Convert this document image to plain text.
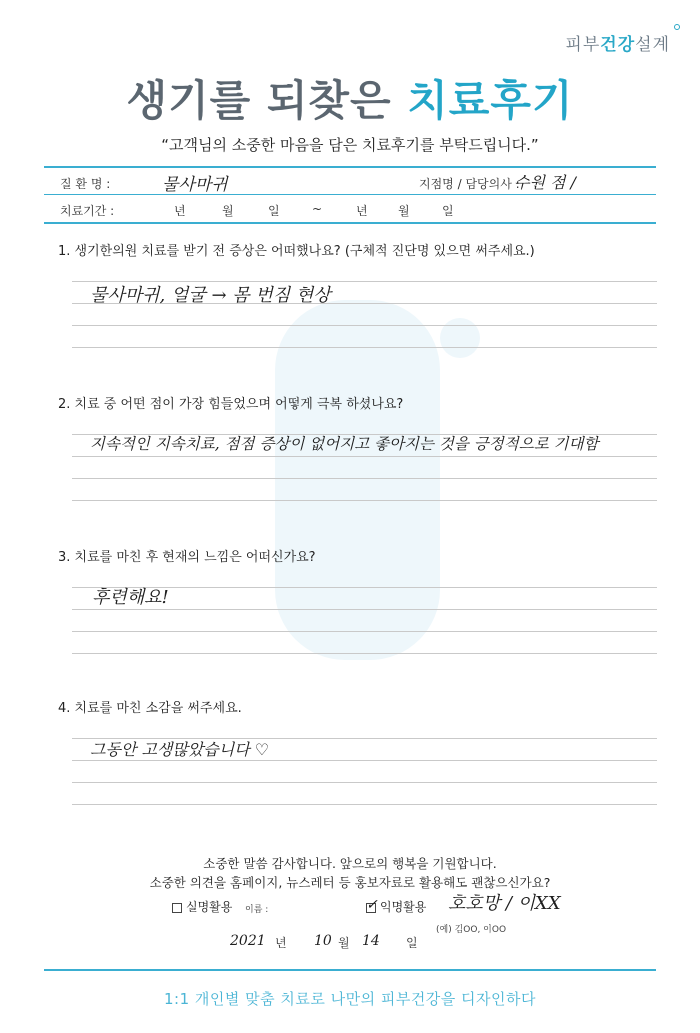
피부건강설계
생기를 되찾은 치료후기
“고객님의 소중한 마음을 담은 치료후기를 부탁드립니다.”
질 환 명 :	물사마귀	지점명 / 담당의사 :
수원 점 /
치료기간 :	년	월	일	~	년	월	일
1. 생기한의원 치료를 받기 전 증상은 어떠했나요? (구체적 진단명 있으면 써주세요.)
물사마귀, 얼굴 → 몸 번짐 현상
2. 치료 중 어떤 점이 가장 힘들었으며 어떻게 극복 하셨나요?
지속적인 지속치료, 점점 증상이 없어지고 좋아지는 것을 긍정적으로 기대함
3. 치료를 마친 후 현재의 느낌은 어떠신가요?
후련해요!
4. 치료를 마친 소감을 써주세요.
그동안 고생많았습니다 ♡
소중한 말씀 감사합니다. 앞으로의 행복을 기원합니다.
소중한 의견을 홈페이지, 뉴스레터 등 홍보자료로 활용해도 괜찮으신가요?
실명활용 이름 :	✓ 익명활용 호호망 / 이XX
(예) 김OO, 이OO
2021 년 10 월 14 일
1:1 개인별 맞춤 치료로 나만의 피부건강을 디자인하다
